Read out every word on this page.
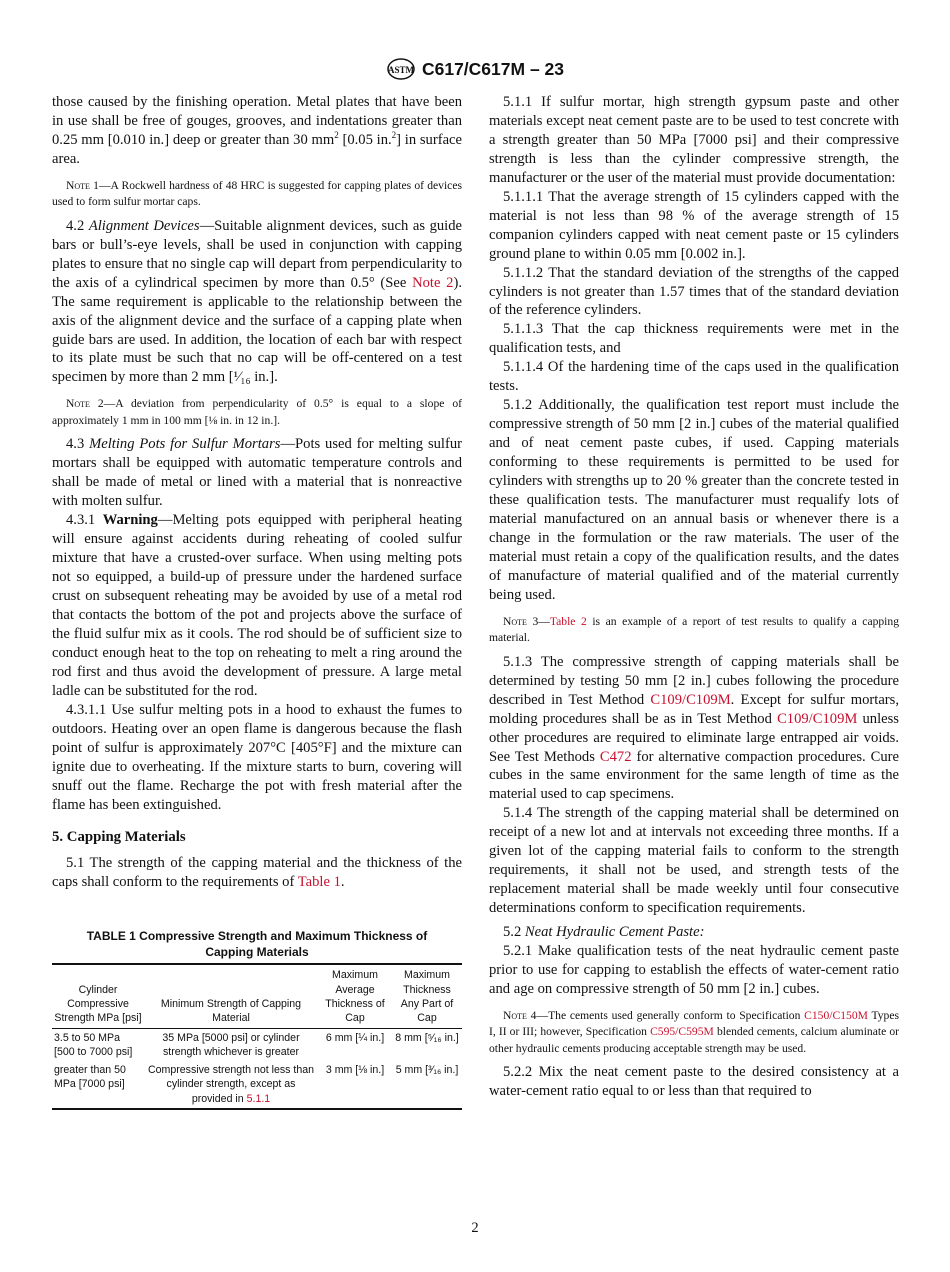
ASTM C617/C617M – 23
those caused by the finishing operation. Metal plates that have been in use shall be free of gouges, grooves, and indentations greater than 0.25 mm [0.010 in.] deep or greater than 30 $mm^2$ [0.05 in.$^2$] in surface area.
Note 1—A Rockwell hardness of 48 HRC is suggested for capping plates of devices used to form sulfur mortar caps.
4.2 Alignment Devices—Suitable alignment devices, such as guide bars or bull’s-eye levels, shall be used in conjunction with capping plates to ensure that no single cap will depart from perpendicularity to the axis of a cylindrical specimen by more than 0.5° (See Note 2). The same requirement is applicable to the relationship between the axis of the alignment device and the surface of a capping plate when guide bars are used. In addition, the location of each bar with respect to its plate must be such that no cap will be off-centered on a test specimen by more than 2 mm [¹⁄₁₆ in.].
Note 2—A deviation from perpendicularity of 0.5° is equal to a slope of approximately 1 mm in 100 mm [⅛ in. in 12 in.].
4.3 Melting Pots for Sulfur Mortars—Pots used for melting sulfur mortars shall be equipped with automatic temperature controls and shall be made of metal or lined with a material that is nonreactive with molten sulfur.
4.3.1 Warning—Melting pots equipped with peripheral heating will ensure against accidents during reheating of cooled sulfur mixture that have a crusted-over surface. When using melting pots not so equipped, a build-up of pressure under the hardened surface crust on subsequent reheating may be avoided by use of a metal rod that contacts the bottom of the pot and projects above the surface of the fluid sulfur mix as it cools. The rod should be of sufficient size to conduct enough heat to the top on reheating to melt a ring around the rod first and thus avoid the development of pressure. A large metal ladle can be substituted for the rod.
4.3.1.1 Use sulfur melting pots in a hood to exhaust the fumes to outdoors. Heating over an open flame is dangerous because the flash point of sulfur is approximately 207°C [405°F] and the mixture can ignite due to overheating. If the mixture starts to burn, covering will snuff out the flame. Recharge the pot with fresh material after the flame has been extinguished.
5. Capping Materials
5.1 The strength of the capping material and the thickness of the caps shall conform to the requirements of Table 1.
TABLE 1 Compressive Strength and Maximum Thickness of
Capping Materials
Cylinder Compressive Strength MPa [psi]	Minimum Strength of Capping Material	Maximum Average Thickness of Cap	Maximum Thickness Any Part of Cap
3.5 to 50 MPa [500 to 7000 psi]	35 MPa [5000 psi] or cylinder strength whichever is greater	6 mm [¼ in.]	8 mm [⁵⁄₁₆ in.]
greater than 50 MPa [7000 psi]	Compressive strength not less than cylinder strength, except as provided in 5.1.1	3 mm [⅛ in.]	5 mm [³⁄₁₆ in.]
5.1.1 If sulfur mortar, high strength gypsum paste and other materials except neat cement paste are to be used to test concrete with a strength greater than 50 MPa [7000 psi] and their compressive strength is less than the cylinder compressive strength, the manufacturer or the user of the material must provide documentation:
5.1.1.1 That the average strength of 15 cylinders capped with the material is not less than 98 % of the average strength of 15 companion cylinders capped with neat cement paste or 15 cylinders ground plane to within 0.05 mm [0.002 in.].
5.1.1.2 That the standard deviation of the strengths of the capped cylinders is not greater than 1.57 times that of the standard deviation of the reference cylinders.
5.1.1.3 That the cap thickness requirements were met in the qualification tests, and
5.1.1.4 Of the hardening time of the caps used in the qualification tests.
5.1.2 Additionally, the qualification test report must include the compressive strength of 50 mm [2 in.] cubes of the material qualified and of neat cement paste cubes, if used. Capping materials conforming to these requirements is permitted to be used for cylinders with strengths up to 20 % greater than the concrete tested in these qualification tests. The manufacturer must requalify lots of material manufactured on an annual basis or whenever there is a change in the formulation or the raw materials. The user of the material must retain a copy of the qualification results, and the dates of manufacture of material qualified and of the material currently being used.
Note 3—Table 2 is an example of a report of test results to qualify a capping material.
5.1.3 The compressive strength of capping materials shall be determined by testing 50 mm [2 in.] cubes following the procedure described in Test Method C109/C109M. Except for sulfur mortars, molding procedures shall be as in Test Method C109/C109M unless other procedures are required to eliminate large entrapped air voids. See Test Methods C472 for alternative compaction procedures. Cure cubes in the same environment for the same length of time as the material used to cap specimens.
5.1.4 The strength of the capping material shall be determined on receipt of a new lot and at intervals not exceeding three months. If a given lot of the capping material fails to conform to the strength requirements, it shall not be used, and strength tests of the replacement material shall be made weekly until four consecutive determinations conform to specification requirements.
5.2 Neat Hydraulic Cement Paste:
5.2.1 Make qualification tests of the neat hydraulic cement paste prior to use for capping to establish the effects of water-cement ratio and age on compressive strength of 50 mm [2 in.] cubes.
Note 4—The cements used generally conform to Specification C150/C150M Types I, II or III; however, Specification C595/C595M blended cements, calcium aluminate or other hydraulic cements producing acceptable strength may be used.
5.2.2 Mix the neat cement paste to the desired consistency at a water-cement ratio equal to or less than that required to
2
